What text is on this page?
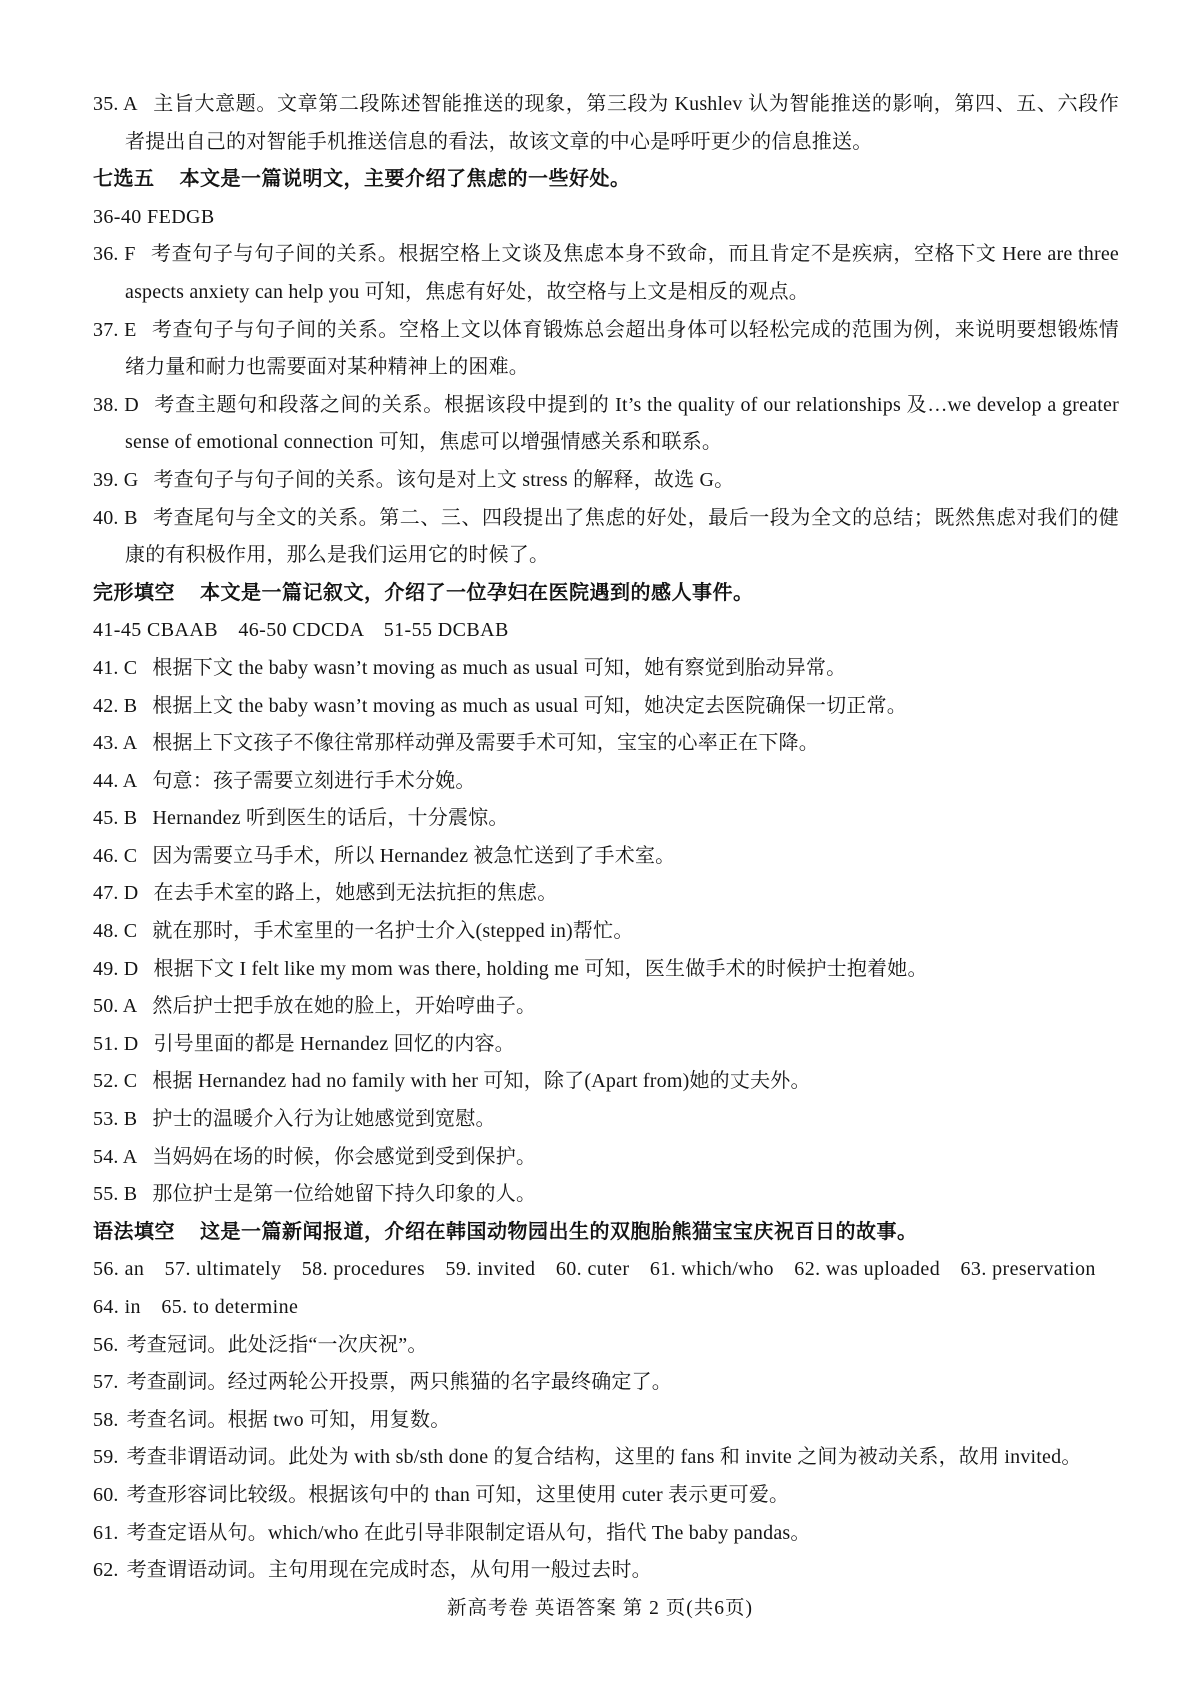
35. A 主旨大意题。文章第二段陈述智能推送的现象，第三段为 Kushlev 认为智能推送的影响，第四、五、六段作者提出自己的对智能手机推送信息的看法，故该文章的中心是呼吁更少的信息推送。
七选五 本文是一篇说明文，主要介绍了焦虑的一些好处。
36-40 FEDGB
36. F 考查句子与句子间的关系。根据空格上文谈及焦虑本身不致命，而且肯定不是疾病，空格下文 Here are three aspects anxiety can help you 可知，焦虑有好处，故空格与上文是相反的观点。
37. E 考查句子与句子间的关系。空格上文以体育锻炼总会超出身体可以轻松完成的范围为例，来说明要想锻炼情绪力量和耐力也需要面对某种精神上的困难。
38. D 考查主题句和段落之间的关系。根据该段中提到的 It’s the quality of our relationships 及…we develop a greater sense of emotional connection 可知，焦虑可以增强情感关系和联系。
39. G 考查句子与句子间的关系。该句是对上文 stress 的解释，故选 G。
40. B 考查尾句与全文的关系。第二、三、四段提出了焦虑的好处，最后一段为全文的总结；既然焦虑对我们的健康的有积极作用，那么是我们运用它的时候了。
完形填空 本文是一篇记叙文，介绍了一位孕妇在医院遇到的感人事件。
41-45 CBAAB　46-50 CDCDA　51-55 DCBAB
41. C 根据下文 the baby wasn’t moving as much as usual 可知，她有察觉到胎动异常。
42. B 根据上文 the baby wasn’t moving as much as usual 可知，她决定去医院确保一切正常。
43. A 根据上下文孩子不像往常那样动弹及需要手术可知，宝宝的心率正在下降。
44. A 句意：孩子需要立刻进行手术分娩。
45. B Hernandez 听到医生的话后，十分震惊。
46. C 因为需要立马手术，所以 Hernandez 被急忙送到了手术室。
47. D 在去手术室的路上，她感到无法抗拒的焦虑。
48. C 就在那时，手术室里的一名护士介入(stepped in)帮忙。
49. D 根据下文 I felt like my mom was there, holding me 可知，医生做手术的时候护士抱着她。
50. A 然后护士把手放在她的脸上，开始哼曲子。
51. D 引号里面的都是 Hernandez 回忆的内容。
52. C 根据 Hernandez had no family with her 可知，除了(Apart from)她的丈夫外。
53. B 护士的温暖介入行为让她感觉到宽慰。
54. A 当妈妈在场的时候，你会感觉到受到保护。
55. B 那位护士是第一位给她留下持久印象的人。
语法填空 这是一篇新闻报道，介绍在韩国动物园出生的双胞胎熊猫宝宝庆祝百日的故事。
56. an　57. ultimately　58. procedures　59. invited　60. cuter　61. which/who　62. was uploaded　63. preservation
64. in　65. to determine
56. 考查冠词。此处泛指“一次庆祝”。
57. 考查副词。经过两轮公开投票，两只熊猫的名字最终确定了。
58. 考查名词。根据 two 可知，用复数。
59. 考查非谓语动词。此处为 with sb/sth done 的复合结构，这里的 fans 和 invite 之间为被动关系，故用 invited。
60. 考查形容词比较级。根据该句中的 than 可知，这里使用 cuter 表示更可爱。
61. 考查定语从句。which/who 在此引导非限制定语从句，指代 The baby pandas。
62. 考查谓语动词。主句用现在完成时态，从句用一般过去时。
新高考卷 英语答案 第 2 页(共6页)
